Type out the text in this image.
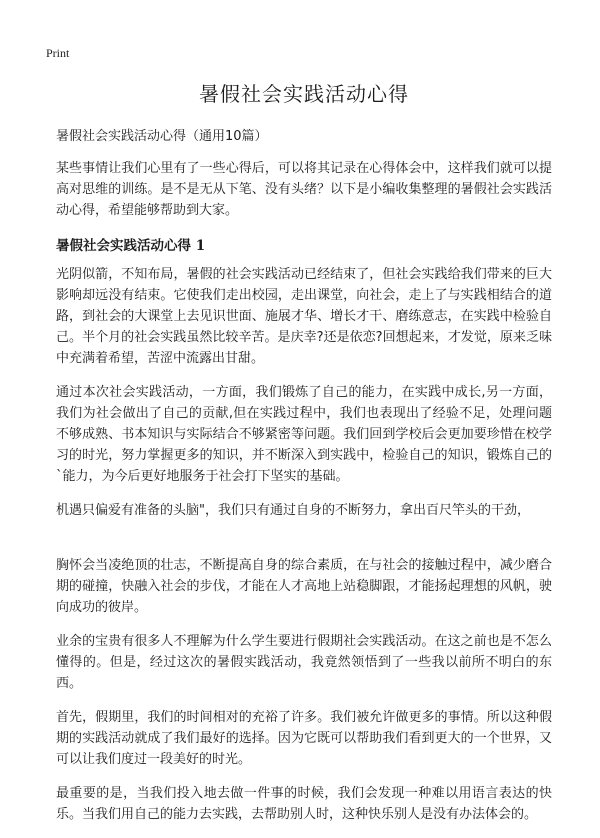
Print
暑假社会实践活动心得
暑假社会实践活动心得（通用10篇）

某些事情让我们心里有了一些心得后，可以将其记录在心得体会中，这样我们就可以提高对思维的训练。是不是无从下笔、没有头绪？以下是小编收集整理的暑假社会实践活动心得，希望能够帮助到大家。

暑假社会实践活动心得 1

光阴似箭，不知布局，暑假的社会实践活动已经结束了，但社会实践给我们带来的巨大影响却远没有结束。它使我们走出校园，走出课堂，向社会，走上了与实践相结合的道路，到社会的大课堂上去见识世面、施展才华、增长才干、磨练意志，在实践中检验自己。半个月的社会实践虽然比较辛苦。是庆幸?还是依恋?回想起来，才发觉，原来乏味中充满着希望，苦涩中流露出甘甜。

通过本次社会实践活动，一方面，我们锻炼了自己的能力，在实践中成长,另一方面，我们为社会做出了自己的贡献,但在实践过程中，我们也表现出了经验不足，处理问题不够成熟、书本知识与实际结合不够紧密等问题。我们回到学校后会更加要珍惜在校学习的时光，努力掌握更多的知识，并不断深入到实践中，检验自己的知识，锻炼自己的`能力，为今后更好地服务于社会打下坚实的基础。

机遇只偏爱有准备的头脑"，我们只有通过自身的不断努力，拿出百尺竿头的干劲，

胸怀会当凌绝顶的壮志，不断提高自身的综合素质，在与社会的接触过程中，减少磨合期的碰撞，快融入社会的步伐，才能在人才高地上站稳脚跟，才能扬起理想的风帆，驶向成功的彼岸。

业余的宝贵有很多人不理解为什么学生要进行假期社会实践活动。在这之前也是不怎么懂得的。但是，经过这次的暑假实践活动，我竟然领悟到了一些我以前所不明白的东西。

首先，假期里，我们的时间相对的充裕了许多。我们被允许做更多的事情。所以这种假期的实践活动就成了我们最好的选择。因为它既可以帮助我们看到更大的一个世界，又可以让我们度过一段美好的时光。

最重要的是，当我们投入地去做一件事的时候，我们会发现一种难以用语言表达的快乐。当我们用自己的能力去实践，去帮助别人时，这种快乐别人是没有办法体会的。
